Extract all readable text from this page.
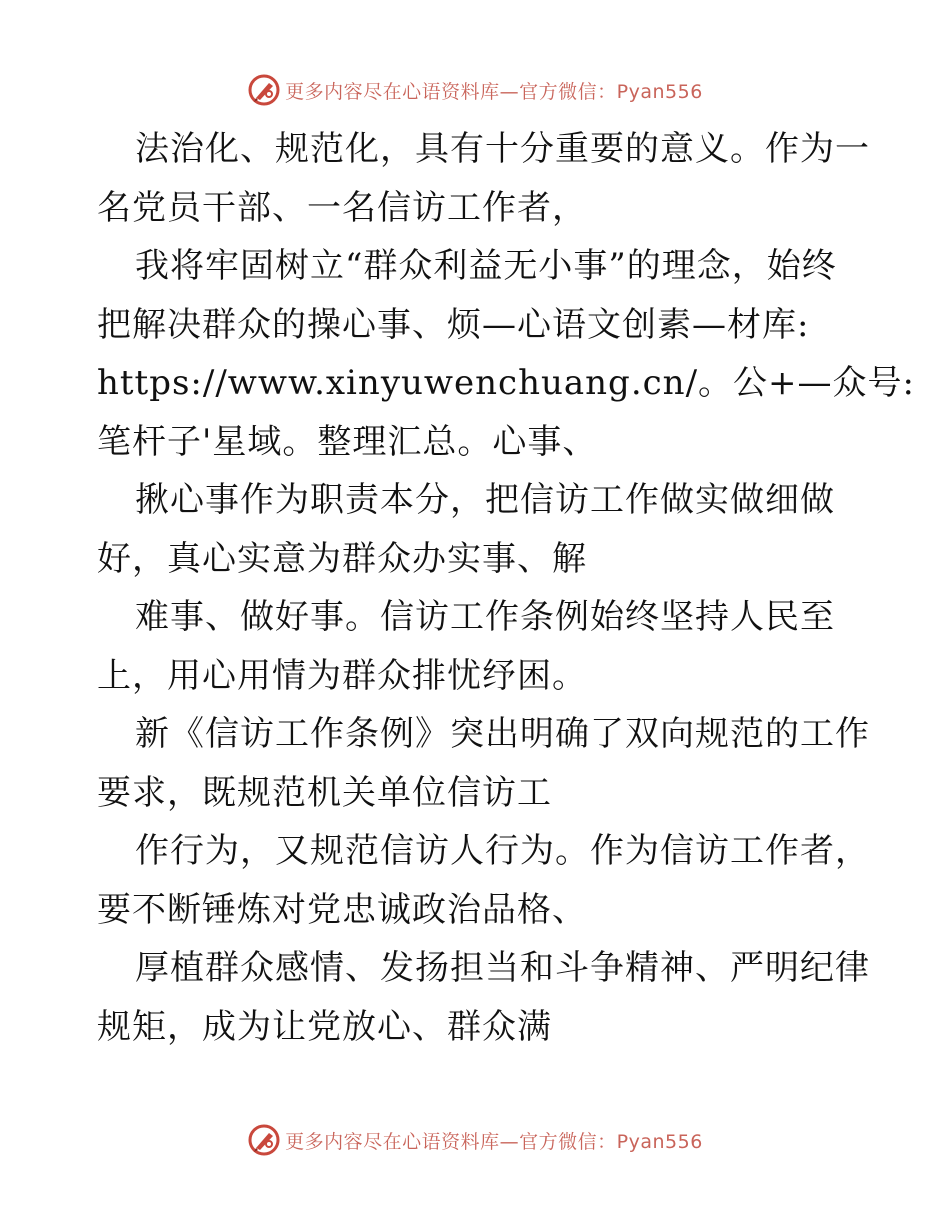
更多内容尽在心语资料库—官方微信：Pyan556
法治化、规范化，具有十分重要的意义。作为一
名党员干部、一名信访工作者，
我将牢固树立“群众利益无小事”的理念，始终
把解决群众的操心事、烦—心语文创素—材库:
https://www.xinyuwenchuang.cn/。公+—众号:
笔杆子'星域。整理汇总。心事、
揪心事作为职责本分，把信访工作做实做细做
好，真心实意为群众办实事、解
难事、做好事。信访工作条例始终坚持人民至
上，用心用情为群众排忧纾困。
新《信访工作条例》突出明确了双向规范的工作
要求，既规范机关单位信访工
作行为，又规范信访人行为。作为信访工作者，
要不断锤炼对党忠诚政治品格、
厚植群众感情、发扬担当和斗争精神、严明纪律
规矩，成为让党放心、群众满
更多内容尽在心语资料库—官方微信：Pyan556
